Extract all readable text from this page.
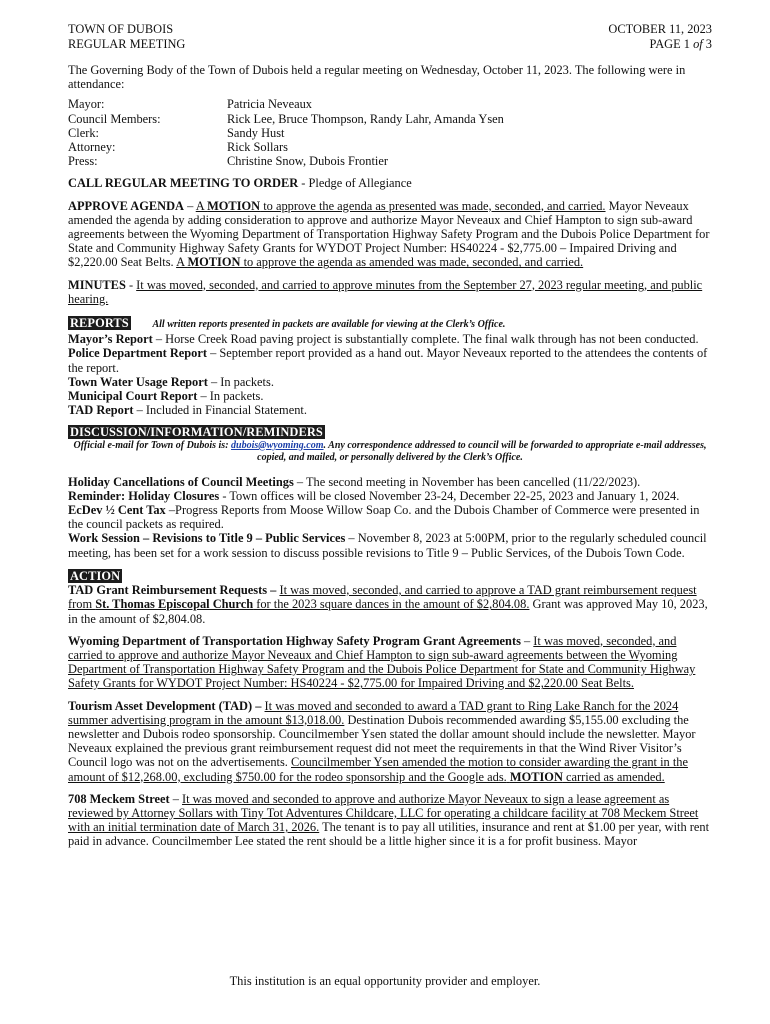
TOWN OF DUBOIS
REGULAR MEETING
OCTOBER 11, 2023
PAGE 1 of 3

The Governing Body of the Town of Dubois held a regular meeting on Wednesday, October 11, 2023. The following were in attendance:

Mayor:	Patricia Neveaux
Council Members:	Rick Lee, Bruce Thompson, Randy Lahr, Amanda Ysen
Clerk:	Sandy Hust
Attorney:	Rick Sollars
Press:	Christine Snow, Dubois Frontier

CALL REGULAR MEETING TO ORDER - Pledge of Allegiance

APPROVE AGENDA – A MOTION to approve the agenda as presented was made, seconded, and carried. Mayor Neveaux amended the agenda by adding consideration to approve and authorize Mayor Neveaux and Chief Hampton to sign sub-award agreements between the Wyoming Department of Transportation Highway Safety Program and the Dubois Police Department for State and Community Highway Safety Grants for WYDOT Project Number: HS40224 - $2,775.00 – Impaired Driving and $2,220.00 Seat Belts. A MOTION to approve the agenda as amended was made, seconded, and carried.

MINUTES - It was moved, seconded, and carried to approve minutes from the September 27, 2023 regular meeting, and public hearing.

REPORTS All written reports presented in packets are available for viewing at the Clerk’s Office.

Mayor’s Report – Horse Creek Road paving project is substantially complete. The final walk through has not been conducted.

Police Department Report – September report provided as a hand out. Mayor Neveaux reported to the attendees the contents of the report.

Town Water Usage Report – In packets.

Municipal Court Report – In packets.

TAD Report – Included in Financial Statement.

DISCUSSION/INFORMATION/REMINDERS
Official e-mail for Town of Dubois is: dubois@wyoming.com. Any correspondence addressed to council will be forwarded to appropriate e-mail addresses, copied, and mailed, or personally delivered by the Clerk’s Office.

Holiday Cancellations of Council Meetings – The second meeting in November has been cancelled (11/22/2023).

Reminder: Holiday Closures - Town offices will be closed November 23-24, December 22-25, 2023 and January 1, 2024.

EcDev ½ Cent Tax –Progress Reports from Moose Willow Soap Co. and the Dubois Chamber of Commerce were presented in the council packets as required.

Work Session – Revisions to Title 9 – Public Services – November 8, 2023 at 5:00PM, prior to the regularly scheduled council meeting, has been set for a work session to discuss possible revisions to Title 9 – Public Services, of the Dubois Town Code.

ACTION

TAD Grant Reimbursement Requests – It was moved, seconded, and carried to approve a TAD grant reimbursement request from St. Thomas Episcopal Church for the 2023 square dances in the amount of $2,804.08. Grant was approved May 10, 2023, in the amount of $2,804.08.

Wyoming Department of Transportation Highway Safety Program Grant Agreements – It was moved, seconded, and carried to approve and authorize Mayor Neveaux and Chief Hampton to sign sub-award agreements between the Wyoming Department of Transportation Highway Safety Program and the Dubois Police Department for State and Community Highway Safety Grants for WYDOT Project Number: HS40224 - $2,775.00 for Impaired Driving and $2,220.00 Seat Belts.

Tourism Asset Development (TAD) – It was moved and seconded to award a TAD grant to Ring Lake Ranch for the 2024 summer advertising program in the amount $13,018.00. Destination Dubois recommended awarding $5,155.00 excluding the newsletter and Dubois rodeo sponsorship. Councilmember Ysen stated the dollar amount should include the newsletter. Mayor Neveaux explained the previous grant reimbursement request did not meet the requirements in that the Wind River Visitor’s Council logo was not on the advertisements. Councilmember Ysen amended the motion to consider awarding the grant in the amount of $12,268.00, excluding $750.00 for the rodeo sponsorship and the Google ads. MOTION carried as amended.

708 Meckem Street – It was moved and seconded to approve and authorize Mayor Neveaux to sign a lease agreement as reviewed by Attorney Sollars with Tiny Tot Adventures Childcare, LLC for operating a childcare facility at 708 Meckem Street with an initial termination date of March 31, 2026. The tenant is to pay all utilities, insurance and rent at $1.00 per year, with rent paid in advance. Councilmember Lee stated the rent should be a little higher since it is a for profit business. Mayor

This institution is an equal opportunity provider and employer.
